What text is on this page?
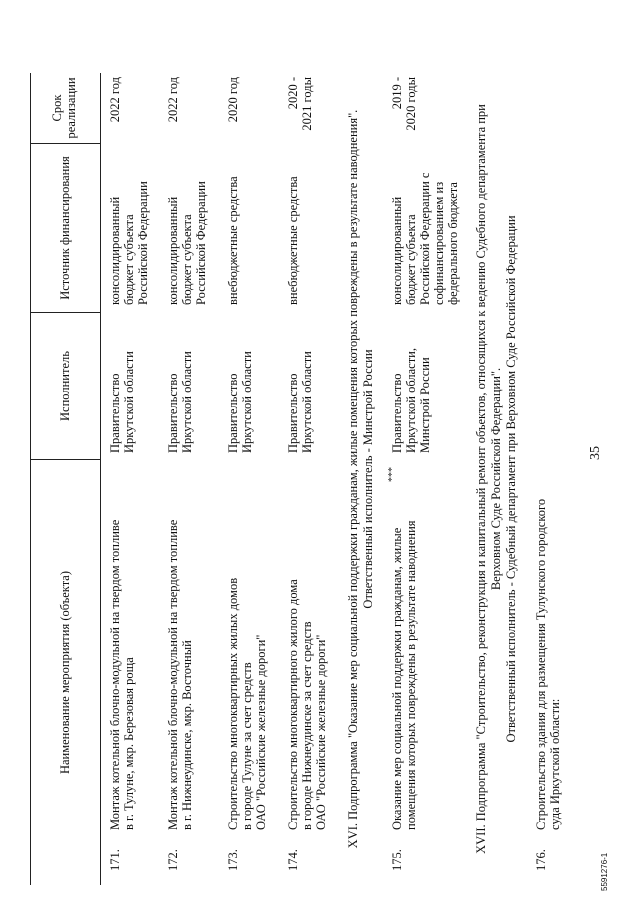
35
Наименование мероприятия (объекта)
Исполнитель
Источник финансирования
Срок
реализации
171.
Монтаж котельной блочно-модульной на твердом топливе
в г. Тулуне, мкр. Березовая роща
Правительство
Иркутской области
консолидированный
бюджет субъекта
Российской Федерации
2022 год
172.
Монтаж котельной блочно-модульной на твердом топливе
в г. Нижнеудинске, мкр. Восточный
Правительство
Иркутской области
консолидированный
бюджет субъекта
Российской Федерации
2022 год
173.
Строительство многоквартирных жилых домов
в городе Тулуне за счет средств
ОАО "Российские железные дороги"
Правительство
Иркутской области
внебюджетные средства
2020 год
174.
Строительство многоквартирного жилого дома
в городе Нижнеудинске за счет средств
ОАО "Российские железные дороги"
Правительство
Иркутской области
внебюджетные средства
2020 -
2021 годы
XVI. Подпрограмма "Оказание мер социальной поддержки гражданам, жилые помещения которых повреждены в результате наводнения". Ответственный исполнитель - Минстрой России
175.
Оказание мер социальной поддержки гражданам, жилые
помещения которых повреждены в результате наводнения
***
Правительство
Иркутской области,
Минстрой России
консолидированный
бюджет субъекта
Российской Федерации с
софинансированием из
федерального бюджета
2019 -
2020 годы
XVII. Подпрограмма "Строительство, реконструкция и капитальный ремонт объектов, относящихся к ведению Судебного департамента при Верховном Суде Российской Федерации". Ответственный исполнитель - Судебный департамент при Верховном Суде Российской Федерации
176.
Строительство здания для размещения Тулунского городского
суда Иркутской области:
5591276-1
